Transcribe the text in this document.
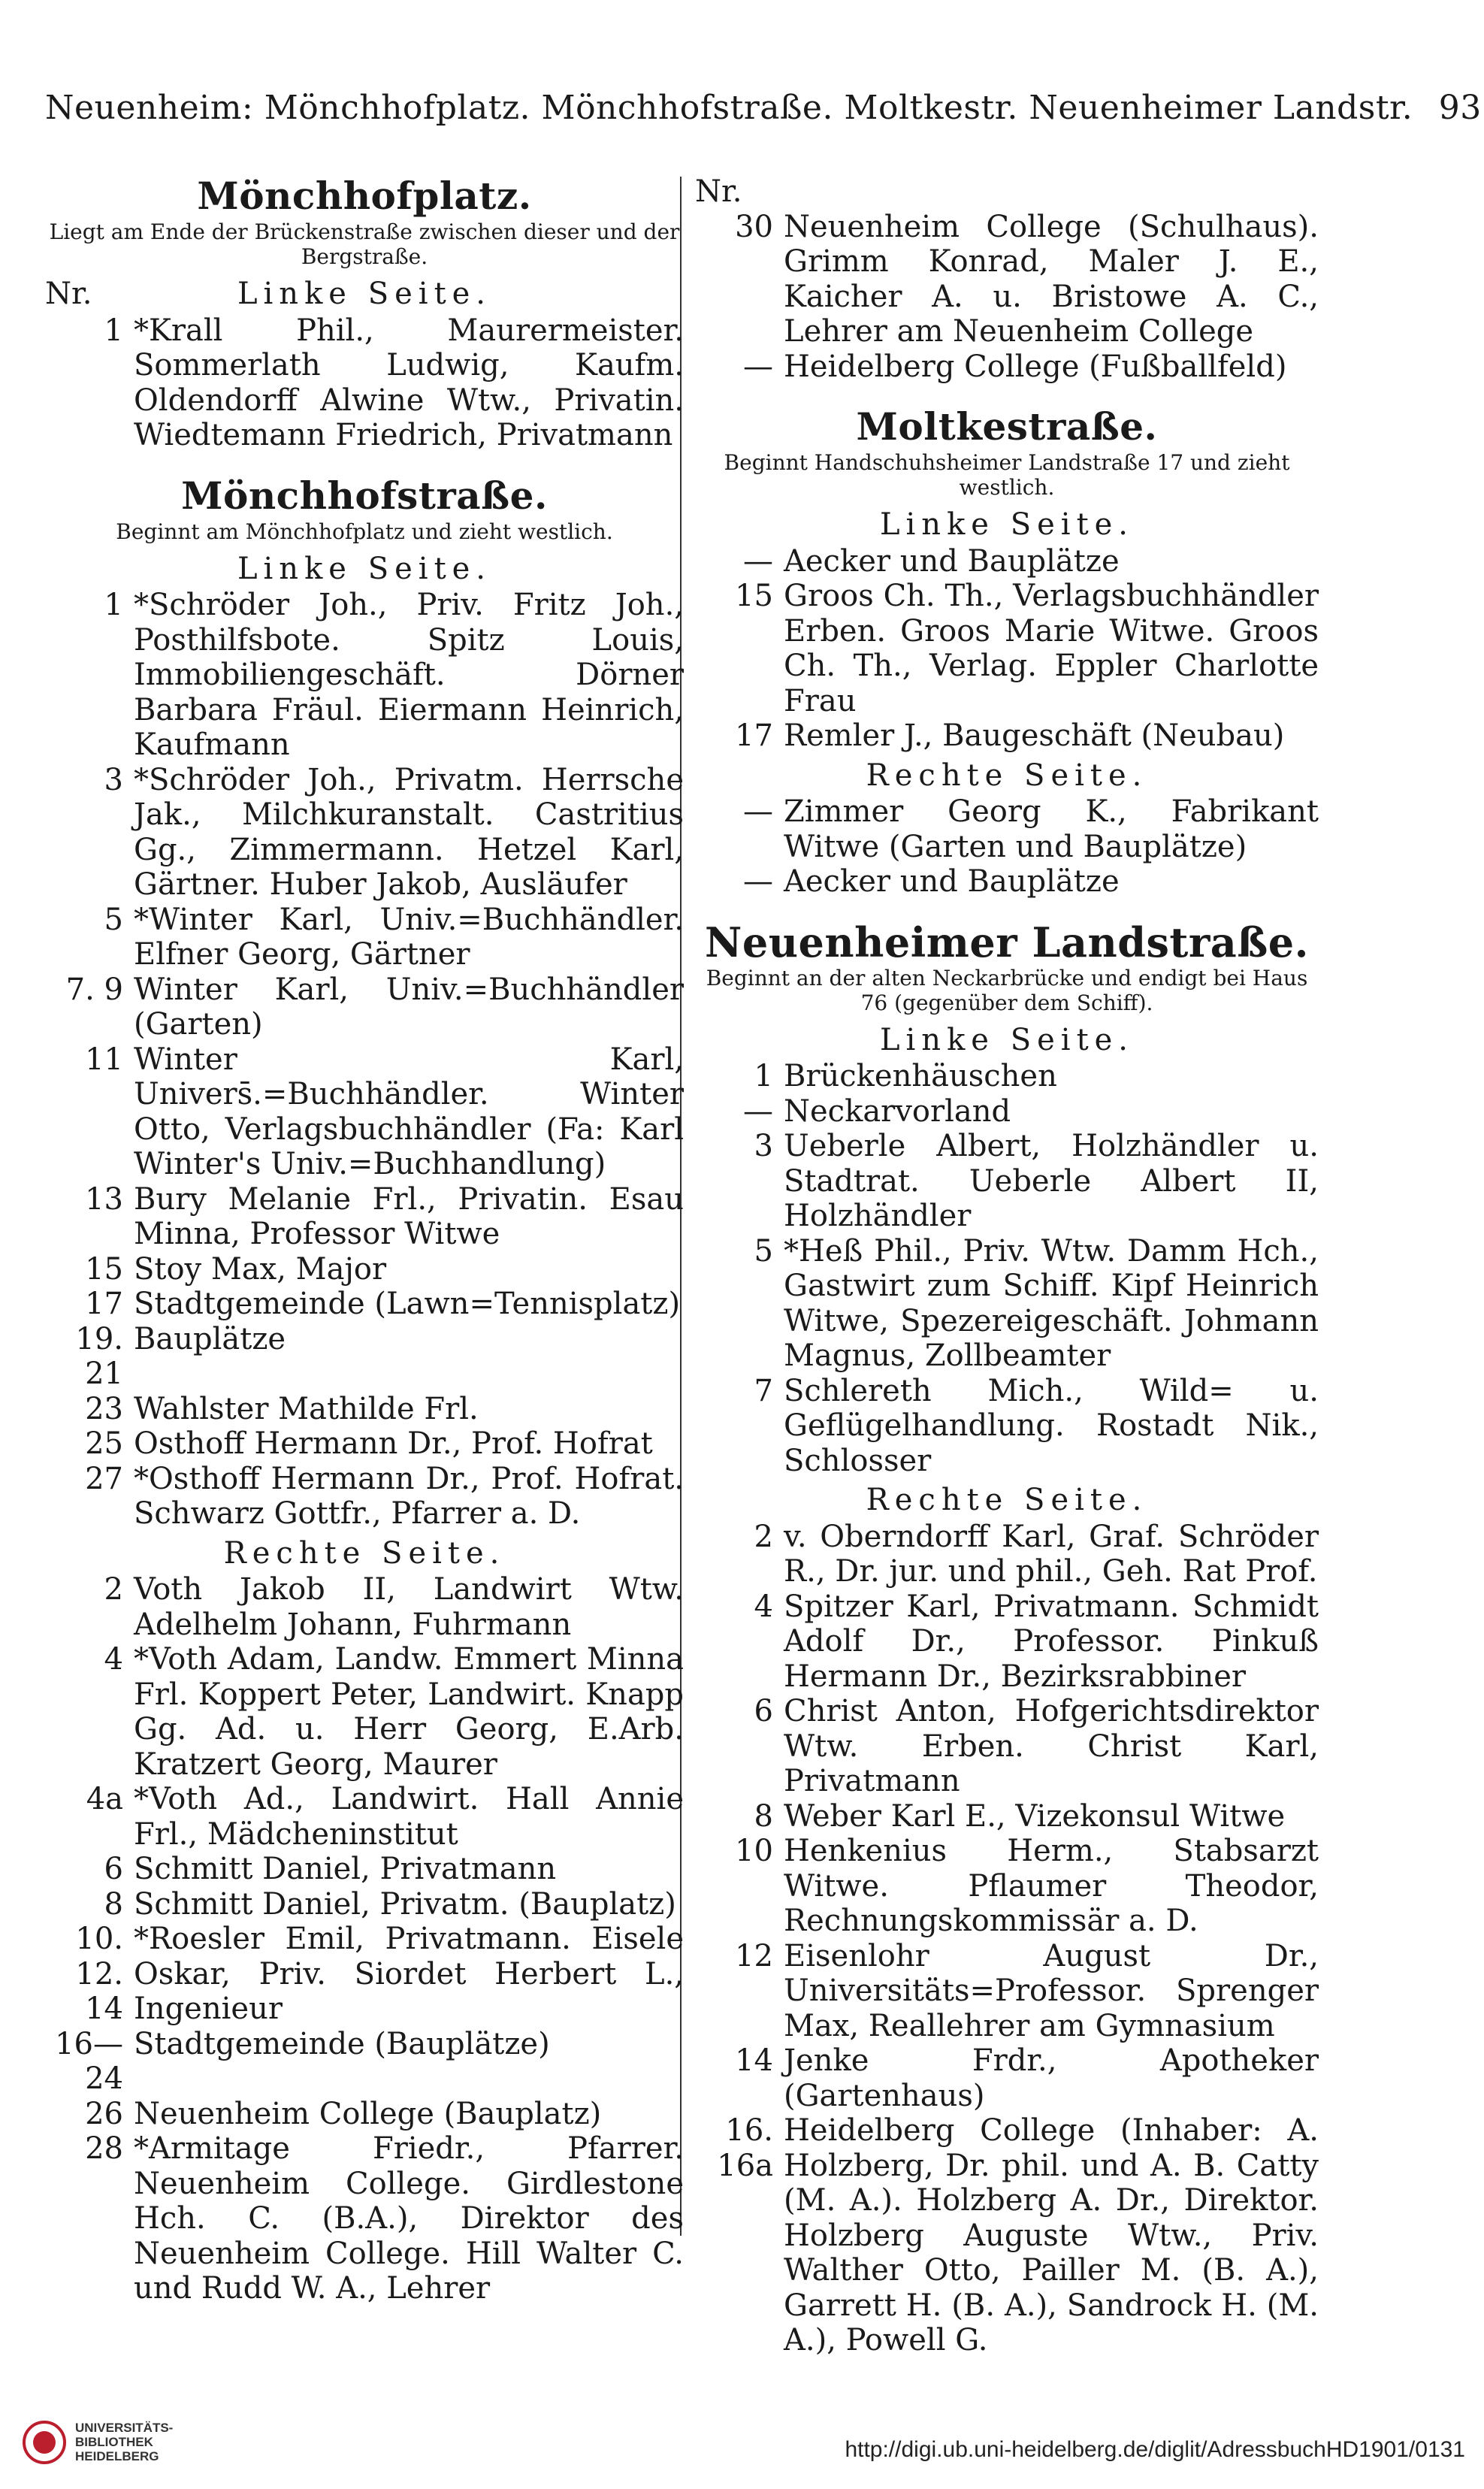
Neuenheim: Mönchhofplatz. Mönchhofstraße. Moltkestr. Neuenheimer Landstr. 93
Mönchhofplatz.
Liegt am Ende der Brückenstraße zwischen dieser und der Bergstraße.
Nr.	Linke Seite.
1 *Krall Phil., Maurermeister. Sommerlath Ludwig, Kaufm. Oldendorff Alwine Wtw., Privatin. Wiedtemann Friedrich, Privatmann
Mönchhofstraße.
Beginnt am Mönchhofplatz und zieht westlich.
Linke Seite.
1 *Schröder Joh., Priv. Fritz Joh., Posthilfsbote. Spitz Louis, Immobiliengeschäft. Dörner Barbara Fräul. Eiermann Heinrich, Kaufmann
3 *Schröder Joh., Privatm. Herrsche Jak., Milchkuranstalt. Castritius Gg., Zimmermann. Hetzel Karl, Gärtner. Huber Jakob, Ausläufer
5 *Winter Karl, Univ.=Buchhändler. Elfner Georg, Gärtner
7. 9 Winter Karl, Univ.=Buchhändler (Garten)
11 Winter Karl, Univers̄.=Buchhändler. Winter Otto, Verlagsbuchhändler (Fa: Karl Winter's Univ.=Buchhandlung)
13 Bury Melanie Frl., Privatin. Esau Minna, Professor Witwe
15 Stoy Max, Major
17 Stadtgemeinde (Lawn=Tennisplatz)
19. 21
Bauplätze
23 Wahlster Mathilde Frl.
25 Osthoff Hermann Dr., Prof. Hofrat
27 *Osthoff Hermann Dr., Prof. Hofrat. Schwarz Gottfr., Pfarrer a. D.
Rechte Seite.
2 Voth Jakob II, Landwirt Wtw. Adelhelm Johann, Fuhrmann
4 *Voth Adam, Landw. Emmert Minna Frl. Koppert Peter, Landwirt. Knapp Gg. Ad. u. Herr Georg, E.Arb. Kratzert Georg, Maurer
4a *Voth Ad., Landwirt. Hall Annie Frl., Mädcheninstitut
6 Schmitt Daniel, Privatmann
8 Schmitt Daniel, Privatm. (Bauplatz)
10. 12. 14
*Roesler Emil, Privatmann. Eisele Oskar, Priv. Siordet Herbert L., Ingenieur
16—24
Stadtgemeinde (Bauplätze)
26 Neuenheim College (Bauplatz)
28 *Armitage Friedr., Pfarrer. Neuenheim College. Girdlestone Hch. C. (B.A.), Direktor des Neuenheim College. Hill Walter C. und Rudd W. A., Lehrer
Nr.
30 Neuenheim College (Schulhaus). Grimm Konrad, Maler J. E., Kaicher A. u. Bristowe A. C., Lehrer am Neuenheim College
— Heidelberg College (Fußballfeld)
Moltkestraße.
Beginnt Handschuhsheimer Landstraße 17 und zieht westlich.
Linke Seite.
— Aecker und Bauplätze
15 Groos Ch. Th., Verlagsbuchhändler Erben. Groos Marie Witwe. Groos Ch. Th., Verlag. Eppler Charlotte Frau
17 Remler J., Baugeschäft (Neubau)
Rechte Seite.
— Zimmer Georg K., Fabrikant Witwe (Garten und Bauplätze)
— Aecker und Bauplätze
Neuenheimer Landstraße.
Beginnt an der alten Neckarbrücke und endigt bei Haus 76 (gegenüber dem Schiff).
Linke Seite.
1 Brückenhäuschen
— Neckarvorland
3 Ueberle Albert, Holzhändler u. Stadtrat. Ueberle Albert II, Holzhändler
5 *Heß Phil., Priv. Wtw. Damm Hch., Gastwirt zum Schiff. Kipf Heinrich Witwe, Spezereigeschäft. Johmann Magnus, Zollbeamter
7 Schlereth Mich., Wild= u. Geflügelhandlung. Rostadt Nik., Schlosser
Rechte Seite.
2 v. Oberndorff Karl, Graf. Schröder R., Dr. jur. und phil., Geh. Rat Prof.
4 Spitzer Karl, Privatmann. Schmidt Adolf Dr., Professor. Pinkuß Hermann Dr., Bezirksrabbiner
6 Christ Anton, Hofgerichtsdirektor Wtw. Erben. Christ Karl, Privatmann
8 Weber Karl E., Vizekonsul Witwe
10 Henkenius Herm., Stabsarzt Witwe. Pflaumer Theodor, Rechnungskommissär a. D.
12 Eisenlohr August Dr., Universitäts=Professor. Sprenger Max, Reallehrer am Gymnasium
14 Jenke Frdr., Apotheker (Gartenhaus)
16. 16a
Heidelberg College (Inhaber: A. Holzberg, Dr. phil. und A. B. Catty (M. A.). Holzberg A. Dr., Direktor. Holzberg Auguste Wtw., Priv. Walther Otto, Pailler M. (B. A.), Garrett H. (B. A.), Sandrock H. (M. A.), Powell G.
UNIVERSITÄTS-BIBLIOTHEK HEIDELBERG	http://digi.ub.uni-heidelberg.de/diglit/AdressbuchHD1901/0131
